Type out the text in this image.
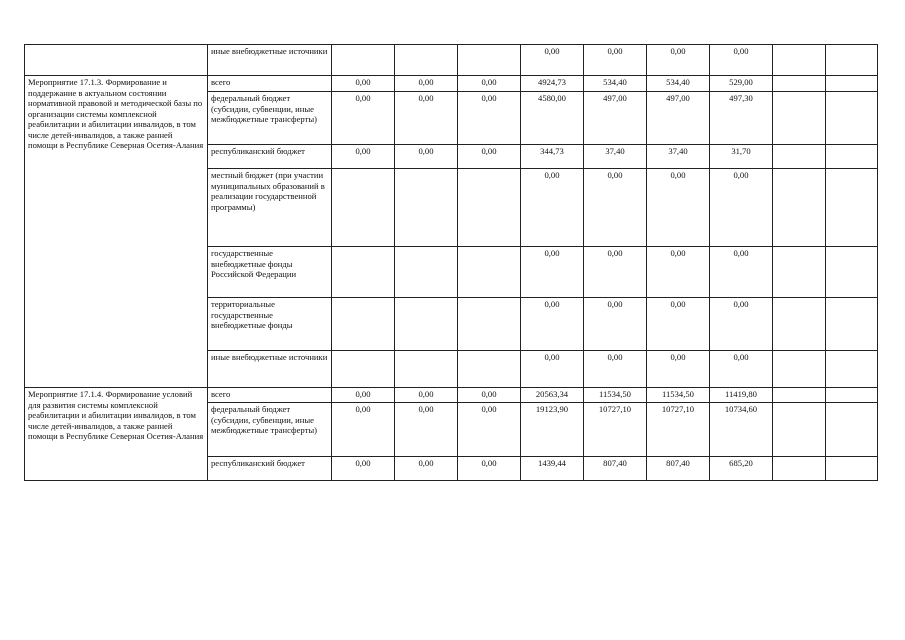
	иные внебюджетные источники				0,00	0,00	0,00	0,00		
Мероприятие 17.1.3. Формирование и поддержание в актуальном состоянии нормативной правовой и методической базы по организации системы комплексной реабилитации и абилитации инвалидов, в том числе детей-инвалидов, а также ранней помощи в Республике Северная Осетия-Алания	всего	0,00	0,00	0,00	4924,73	534,40	534,40	529,00		
	федеральный бюджет (субсидии, субвенции, иные межбюджетные трансферты)	0,00	0,00	0,00	4580,00	497,00	497,00	497,30		
	республиканский бюджет	0,00	0,00	0,00	344,73	37,40	37,40	31,70		
	местный бюджет (при участии муниципальных образований в реализации государственной программы)				0,00	0,00	0,00	0,00		
	государственные внебюджетные фонды Российской Федерации				0,00	0,00	0,00	0,00		
	территориальные государственные внебюджетные фонды				0,00	0,00	0,00	0,00		
	иные внебюджетные источники				0,00	0,00	0,00	0,00		
Мероприятие 17.1.4. Формирование условий для развития системы комплексной реабилитации и абилитации инвалидов, в том числе детей-инвалидов, а также ранней помощи в Республике Северная Осетия-Алания	всего	0,00	0,00	0,00	20563,34	11534,50	11534,50	11419,80		
	федеральный бюджет (субсидии, субвенции, иные межбюджетные трансферты)	0,00	0,00	0,00	19123,90	10727,10	10727,10	10734,60		
	республиканский бюджет	0,00	0,00	0,00	1439,44	807,40	807,40	685,20		
